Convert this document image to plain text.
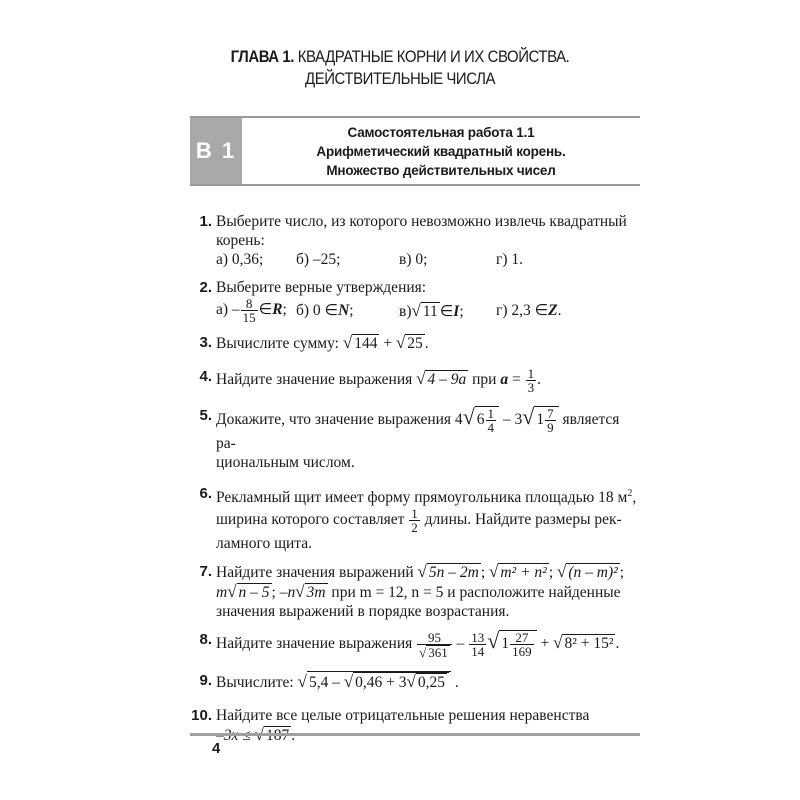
ГЛАВА 1. КВАДРАТНЫЕ КОРНИ И ИХ СВОЙСТВА.
ДЕЙСТВИТЕЛЬНЫЕ ЧИСЛА
В 1
Самостоятельная работа 1.1
Арифметический квадратный корень.
Множество действительных чисел
1. Выберите число, из которого невозможно извлечь квадратный
корень:
а) 0,36;	б) –25;	в) 0;	г) 1.
2. Выберите верные утверждения:
$а) - \frac{8}{15}$ ∈R; б) 0 ∈N;	в)√ 11∈I;	г) 2,3 ∈Z.
3. Вычислите сумму: √ 144 + √ 25 .
4. Найдите значение выражения √ 4 – 9a при $a = \frac{1}{3}$ .
5. Докажите, что значение выражения 4√ $6 \frac{1}{4} - 3√$ $1 \frac{7}{9}$ является ра-
циональным числом.
6. Рекламный щит имеет форму прямоугольника площадью 18 $м^2$,
ширина которого составляет $\frac{1}{2}$ длины. Найдите размеры рек-
ламного щита.
7. Найдите значения выражений √ 5n – 2m ; √ m² + n² ; √ (n – m)² ;
m√ n – 5 ; –n√ 3m при m = 12, n = 5 и расположите найденные
значения выражений в порядке возрастания.
8. Найдите значение выражения $\frac{95}{√ 361} - \frac{13}{14}$ √ $1 \frac{27}{169}$ + √ 8² + 15² .
9. Вычислите: √ 5,4 – √ 0,46 + 3√ 0,25 .
10. Найдите все целые отрицательные решения неравенства
–3x ≤ √ 187 .
4
